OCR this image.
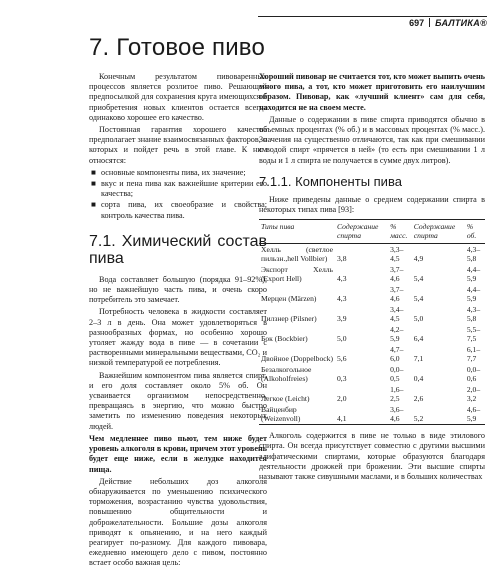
697 БАЛТИКА®
7. Готовое пиво

Конечным результатом пивоваренных процессов является розлитое пиво. Решающей предпосылкой для сохранения круга имеющихся и приобретения новых клиентов остается всегда одинаково хорошее его качество.

Постоянная гарантия хорошего качества предполагает знание взаимосвязанных факторов, о которых и пойдет речь в этой главе. К ним относятся:

■ основные компоненты пива, их значение;
■ вкус и пена пива как важнейшие критерии его качества;
■ сорта пива, их своеобразие и свойства; контроль качества пива.
7.1. Химический состав пива

Вода составляет большую (порядка 91–92%), но не важнейшую часть пива, и очень скоро потребитель это замечает.

Потребность человека в жидкости составляет 2–3 л в день. Она может удовлетворяться в разнообразных формах, но особенно хорошо утоляет жажду вода в пиве — в сочетании с растворенными минеральными веществами, CO₂ и низкой температурой ее потребления.

Важнейшим компонентом пива является спирт, и его доля составляет около 5% об. Он усваивается организмом непосредственно, превращаясь в энергию, что можно быстро заметить по изменению поведения некоторых людей.

Чем медленнее пиво пьют, тем ниже будет уровень алкоголя в крови, причем этот уровень будет еще ниже, если в желудке находится пища.

Действие небольших доз алкоголя обнаруживается по уменьшению психического торможения, возрастанию чувства удовольствия, повышению общительности и доброжелательности. Большие дозы алкоголя приводят к опьянению, и на него каждый реагирует по-разному. Для каждого пивовара, ежедневно имеющего дело с пивом, постоянно встает особо важная цель:

Хороший пивовар не считается тот, кто может выпить очень много пива, а тот, кто может приготовить его наилучшим образом. Пивовар, как «лучший клиент» сам для себя, находится не на своем месте.

Данные о содержании в пиве спирта приводятся обычно в объемных процентах (% об.) и в массовых процентах (% масс.). Значения на существенно отличаются, так как при смешивании с водой спирт «прячется в ней» (то есть при смешивании 1 л воды и 1 л спирта не получается в сумме двух литров).

7.1.1. Компоненты пива

Ниже приведены данные о среднем содержании спирта в некоторых типах пива [93]:

Типы пива	Содержание спирта	% масс.	Содержание спирта	% об.
Хелль (светлое пильзн.,hell Vollbier)	3,8	3,3–4,5	4,9	4,3–5,8
Экспорт Хелль (Export Hell)	4,3	3,7–4,6	5,4	4,4–5,9
Мерцен (Märzen)	4,3	3,7–4,6	5,4	4,4–5,9
Пилзнер (Pilsner)	3,9	3,4–4,5	5,0	4,3–5,8
Бок (Bockbier)	5,0	4,2–5,9	6,4	5,5–7,5
Двойное (Doppelbock)	5,6	4,7–6,0	7,1	6,1–7,7
Безалкогольное (Alkoholfreies)	0,3	0,0–0,5	0,4	0,0–0,6
Легкое (Leicht)	2,0	1,6–2,5	2,6	2,0–3,2
Вайценбир (Weizenvoll)	4,1	3,6–4,6	5,2	4,6–5,9

Алкоголь содержится в пиве не только в виде этилового спирта. Он всегда присутствует совместно с другими высшими алифатическими спиртами, которые образуются благодаря деятельности дрожжей при брожении. Эти высшие спирты называют также сивушными маслами, и в больших количествах
